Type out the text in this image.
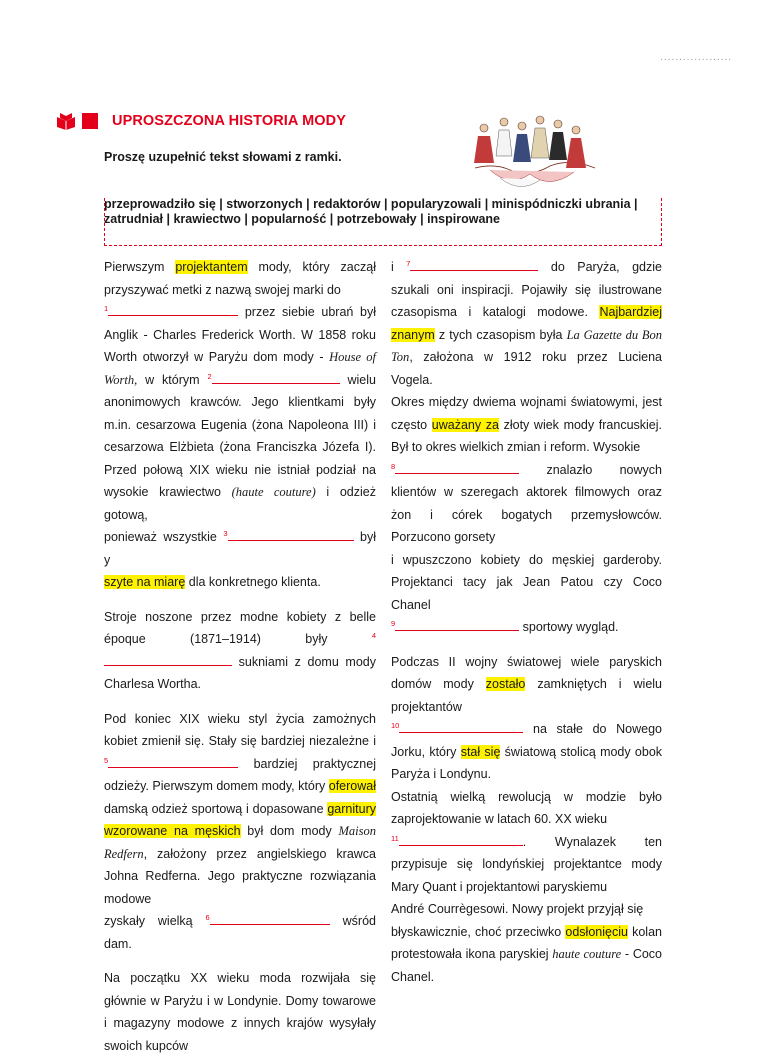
...................
UPROSZCZONA HISTORIA MODY
Proszę uzupełnić tekst słowami z ramki.
przeprowadziło się | stworzonych | redaktorów | popularyzowali | minispódniczki ubrania | zatrudniał | krawiectwo | popularność | potrzebowały | inspirowane

Pierwszym projektantem mody, który zaczął przyszywać metki z nazwą swojej marki do
$^1$	przez siebie ubrań był Anglik - Charles Frederick Worth. W 1858 roku Worth otworzył w Paryżu dom mody - House of Worth, w którym $^2$	wielu anonimowych krawców. Jego klientkami były m.in. cesarzowa Eugenia (żona Napoleona III) i cesarzowa Elżbieta (żona Franciszka Józefa I). Przed połową XIX wieku nie istniał podział na wysokie krawiectwo (haute couture) i odzież gotową,
ponieważ wszystkie $^3$	był y
szyte na miarę dla konkretnego klienta.

Stroje noszone przez modne kobiety z belle époque (1871–1914) były $^4$ sukniami z domu mody Charlesa Wortha.

Pod koniec XIX wieku styl życia zamożnych kobiet zmienił się. Stały się bardziej niezależne i $^5$	bardziej praktycznej odzieży. Pierwszym domem mody, który oferował damską odzież sportową i dopasowane garnitury wzorowane na męskich był dom mody Maison Redfern, założony przez angielskiego krawca Johna Redferna. Jego praktyczne rozwiązania modowe
zyskały wielką $^6$	wśród dam.

Na początku XX wieku moda rozwijała się głównie w Paryżu i w Londynie. Domy towarowe i magazyny modowe z innych krajów wysyłały swoich kupców

i $^7$	do Paryża, gdzie szukali oni inspiracji. Pojawiły się ilustrowane czasopisma i katalogi modowe. Najbardziej znanym z tych czasopism była La Gazette du Bon Ton, założona w 1912 roku przez Luciena Vogela.

Okres między dwiema wojnami światowymi, jest często uważany za złoty wiek mody francuskiej. Był to okres wielkich zmian i reform. Wysokie
$^8$	znalazło nowych klientów w szeregach aktorek filmowych oraz żon i córek bogatych przemysłowców. Porzucono gorsety
i wpuszczono kobiety do męskiej garderoby. Projektanci tacy jak Jean Patou czy Coco Chanel
$^9$	sportowy wygląd.

Podczas II wojny światowej wiele paryskich domów mody zostało zamkniętych i wielu projektantów
$^{10}$	na stałe do Nowego Jorku, który stał się światową stolicą mody obok Paryża i Londynu.

Ostatnią wielką rewolucją w modzie było zaprojektowanie w latach 60. XX wieku
$^{11}$	. Wynalazek ten przypisuje się londyńskiej projektantce mody Mary Quant i projektantowi paryskiemu
André Courrègesowi. Nowy projekt przyjął się
błyskawicznie, choć przeciwko odsłonięciu kolan protestowała ikona paryskiej haute couture - Coco Chanel.
